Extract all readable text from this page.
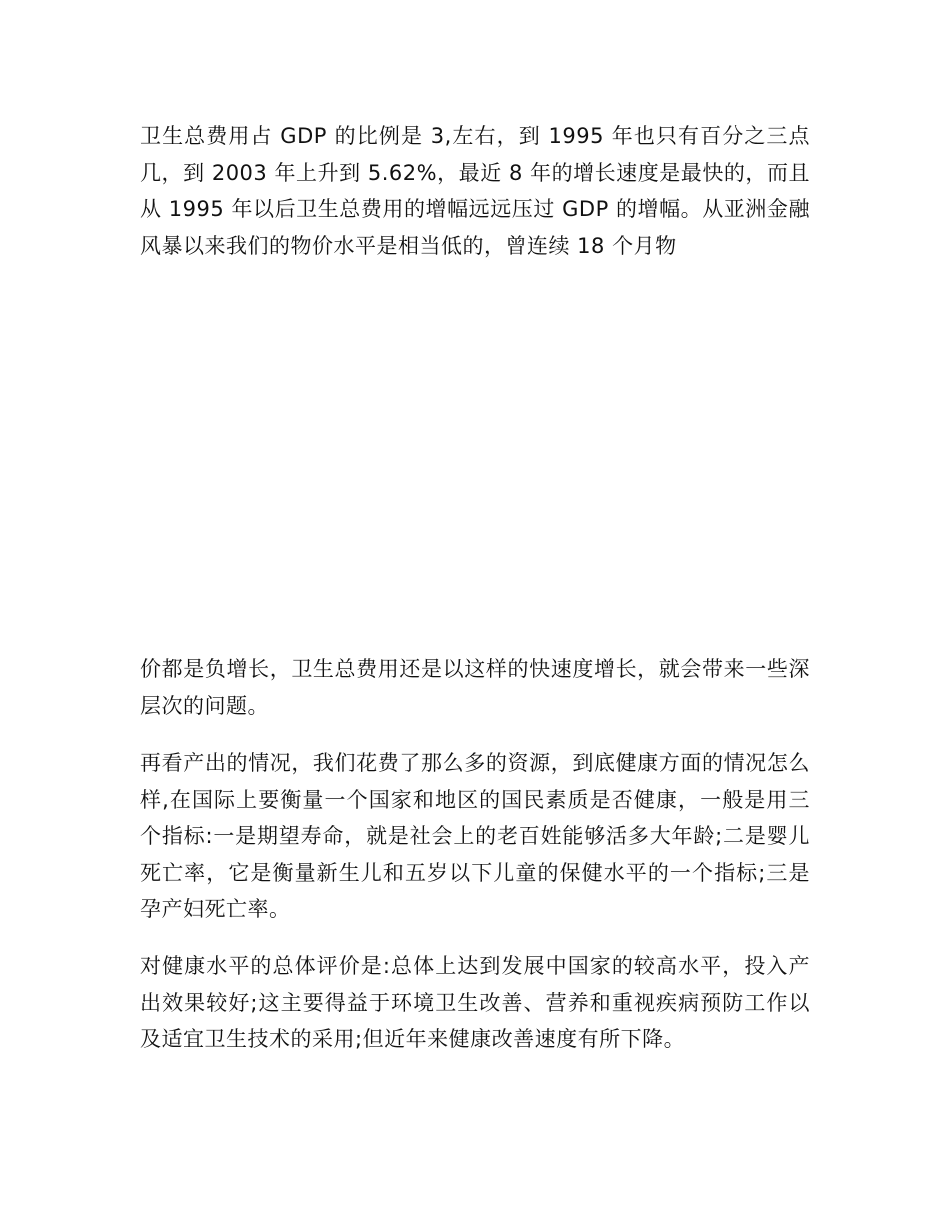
卫生总费用占 GDP 的比例是 3,左右，到 1995 年也只有百分之三点几，到 2003 年上升到 5.62%，最近 8 年的增长速度是最快的，而且从 1995 年以后卫生总费用的增幅远远压过 GDP 的增幅。从亚洲金融风暴以来我们的物价水平是相当低的，曾连续 18 个月物

价都是负增长，卫生总费用还是以这样的快速度增长，就会带来一些深层次的问题。

再看产出的情况，我们花费了那么多的资源，到底健康方面的情况怎么样,在国际上要衡量一个国家和地区的国民素质是否健康，一般是用三个指标:一是期望寿命，就是社会上的老百姓能够活多大年龄;二是婴儿死亡率，它是衡量新生儿和五岁以下儿童的保健水平的一个指标;三是孕产妇死亡率。

对健康水平的总体评价是:总体上达到发展中国家的较高水平，投入产出效果较好;这主要得益于环境卫生改善、营养和重视疾病预防工作以及适宜卫生技术的采用;但近年来健康改善速度有所下降。
